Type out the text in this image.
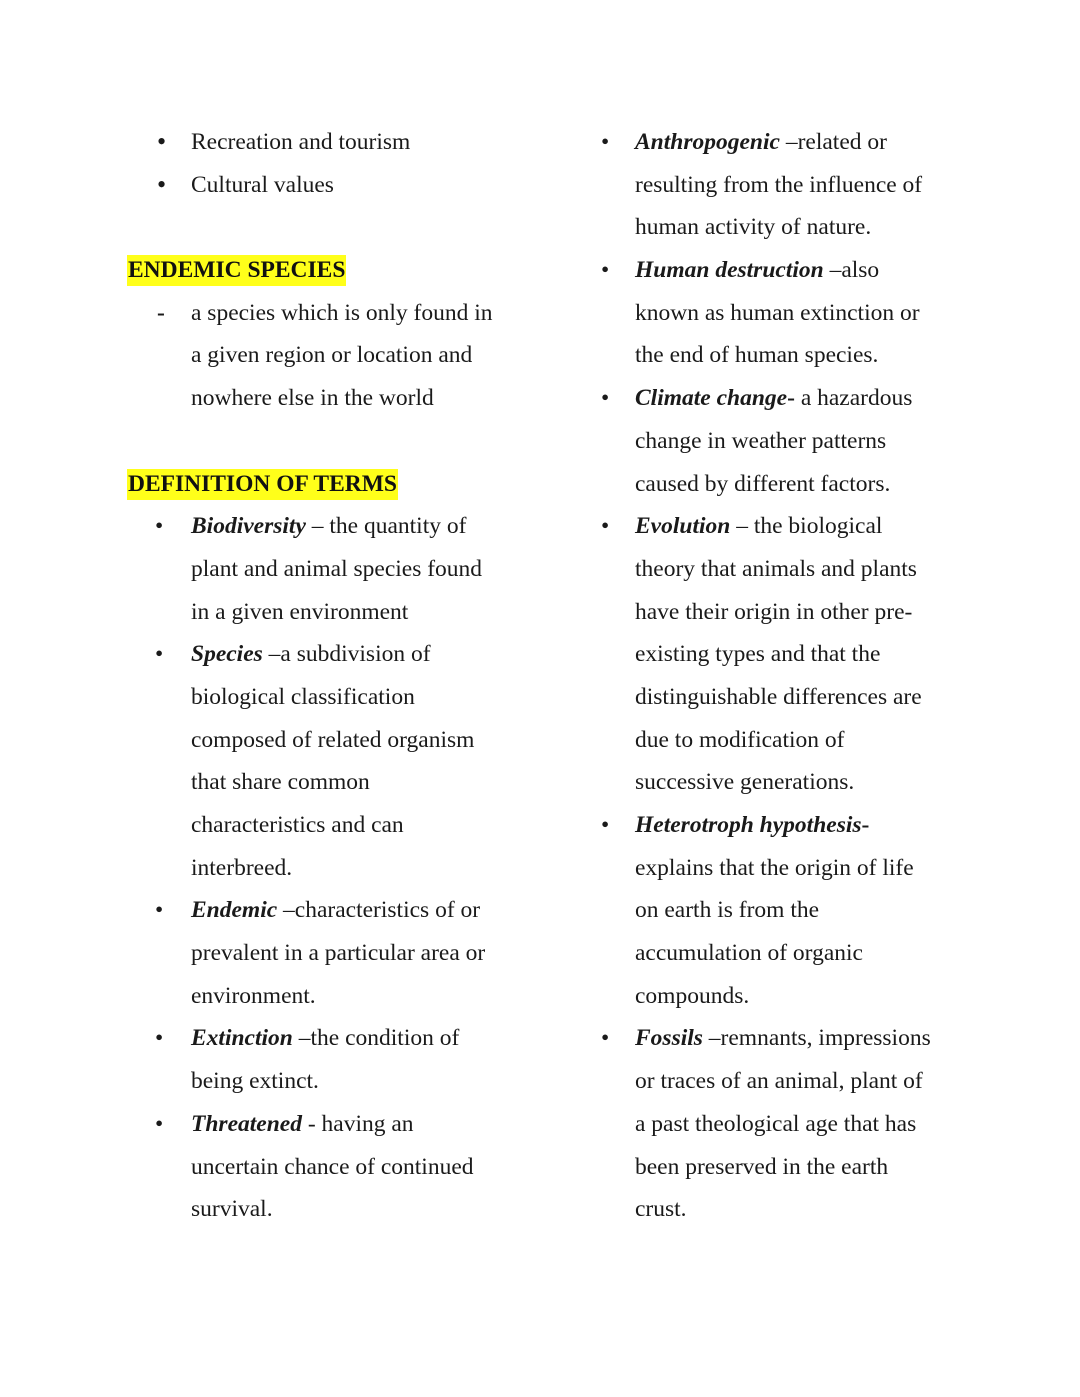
• Recreation and tourism
• Cultural values
ENDEMIC SPECIES
- a species which is only found in
a given region or location and
nowhere else in the world
DEFINITION OF TERMS
• Biodiversity – the quantity of
plant and animal species found
in a given environment
• Species –a subdivision of
biological classification
composed of related organism
that share common
characteristics and can
interbreed.
• Endemic –characteristics of or
prevalent in a particular area or
environment.
• Extinction –the condition of
being extinct.
• Threatened - having an
uncertain chance of continued
survival.
• Anthropogenic –related or
resulting from the influence of
human activity of nature.
• Human destruction –also
known as human extinction or
the end of human species.
• Climate change- a hazardous
change in weather patterns
caused by different factors.
• Evolution – the biological
theory that animals and plants
have their origin in other pre-
existing types and that the
distinguishable differences are
due to modification of
successive generations.
• Heterotroph hypothesis-
explains that the origin of life
on earth is from the
accumulation of organic
compounds.
• Fossils –remnants, impressions
or traces of an animal, plant of
a past theological age that has
been preserved in the earth
crust.
